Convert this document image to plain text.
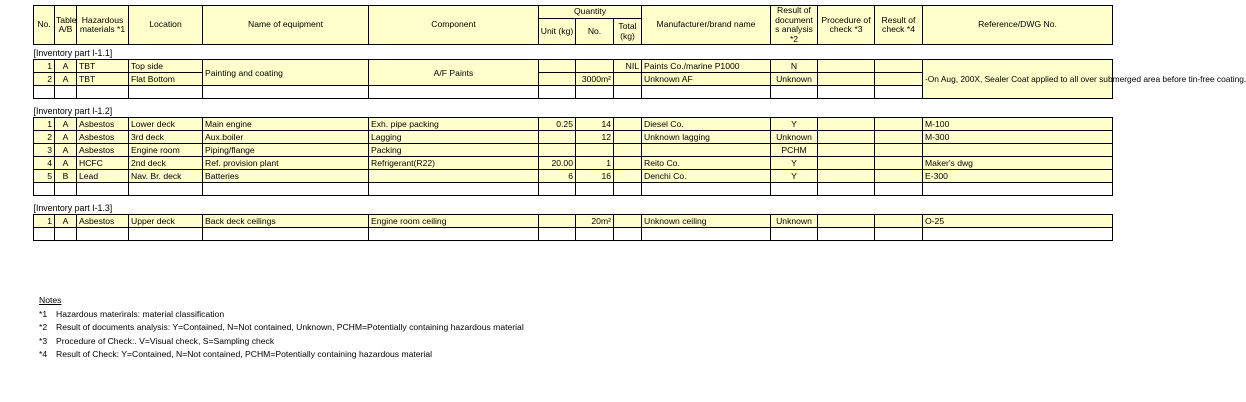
No.	Table A/B	Hazardous materials *1	Location	Name of equipment	Component	Quantity			Manufacturer/brand name	Result of document s analysis *2	Procedure of check *3	Result of check *4	Reference/DWG No.
						Unit (kg)	No.	Total (kg)					
[Inventory part I-1.1]													
1	A	TBT	Top side	Painting and coating	A/F Paints			NIL	Paints Co./marine P1000	N			-On Aug, 200X, Sealer Coat applied to all over submerged area before tin-free coating.
2	A	TBT	Flat Bottom				3000m²		Unknown AF	Unknown			

[Inventory part I-1.2]													
1	A	Asbestos	Lower deck	Main engine	Exh. pipe packing	0.25	14		Diesel Co.	Y			M-100
2	A	Asbestos	3rd deck	Aux.boiler	Lagging		12		Unknown lagging	Unknown			M-300
3	A	Asbestos	Engine room	Piping/flange	Packing					PCHM			
4	A	HCFC	2nd deck	Ref. provision plant	Refrigerant(R22)	20.00	1		Reito Co.	Y			Maker's dwg
5	B	Lead	Nav. Br. deck	Batteries		6	16		Denchi Co.	Y			E-300

[Inventory part I-1.3]													
1	A	Asbestos	Upper deck	Back deck ceilings	Engine room ceiling		20m²		Unknown ceiling	Unknown			O-25

Notes
*1 Hazardous materirals: material classification
*2 Result of documents analysis: Y=Contained, N=Not contained, Unknown, PCHM=Potentially containing hazardous material
*3 Procedure of Check:. V=Visual check, S=Sampling check
*4 Result of Check: Y=Contained, N=Not contained, PCHM=Potentially containing hazardous material
